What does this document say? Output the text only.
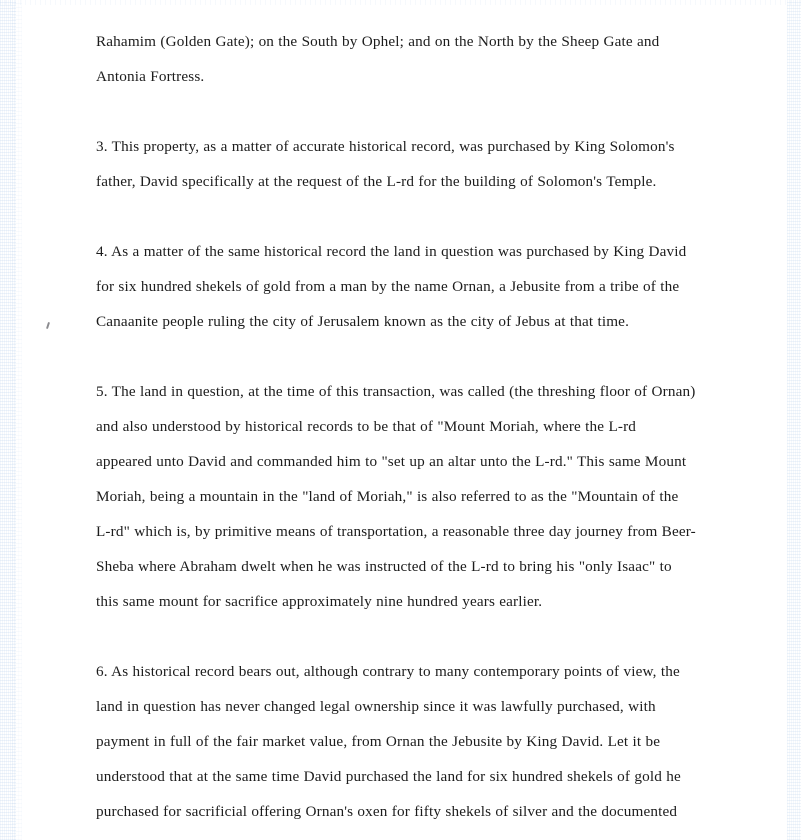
Rahamim (Golden Gate); on the South by Ophel; and on the North by the Sheep Gate and Antonia Fortress.

3. This property, as a matter of accurate historical record, was purchased by King Solomon's father, David specifically at the request of the L-rd for the building of Solomon's Temple.

4. As a matter of the same historical record the land in question was purchased by King David for six hundred shekels of gold from a man by the name Ornan, a Jebusite from a tribe of the Canaanite people ruling the city of Jerusalem known as the city of Jebus at that time.

5. The land in question, at the time of this transaction, was called (the threshing floor of Ornan) and also understood by historical records to be that of "Mount Moriah, where the L-rd appeared unto David and commanded him to "set up an altar unto the L-rd." This same Mount Moriah, being a mountain in the "land of Moriah," is also referred to as the "Mountain of the L-rd" which is, by primitive means of transportation, a reasonable three day journey from Beer-Sheba where Abraham dwelt when he was instructed of the L-rd to bring his "only Isaac" to this same mount for sacrifice approximately nine hundred years earlier.

6. As historical record bears out, although contrary to many contemporary points of view, the land in question has never changed legal ownership since it was lawfully purchased, with payment in full of the fair market value, from Ornan the Jebusite by King David. Let it be understood that at the same time David purchased the land for six hundred shekels of gold he purchased for sacrificial offering Ornan's oxen for fifty shekels of silver and the documented
